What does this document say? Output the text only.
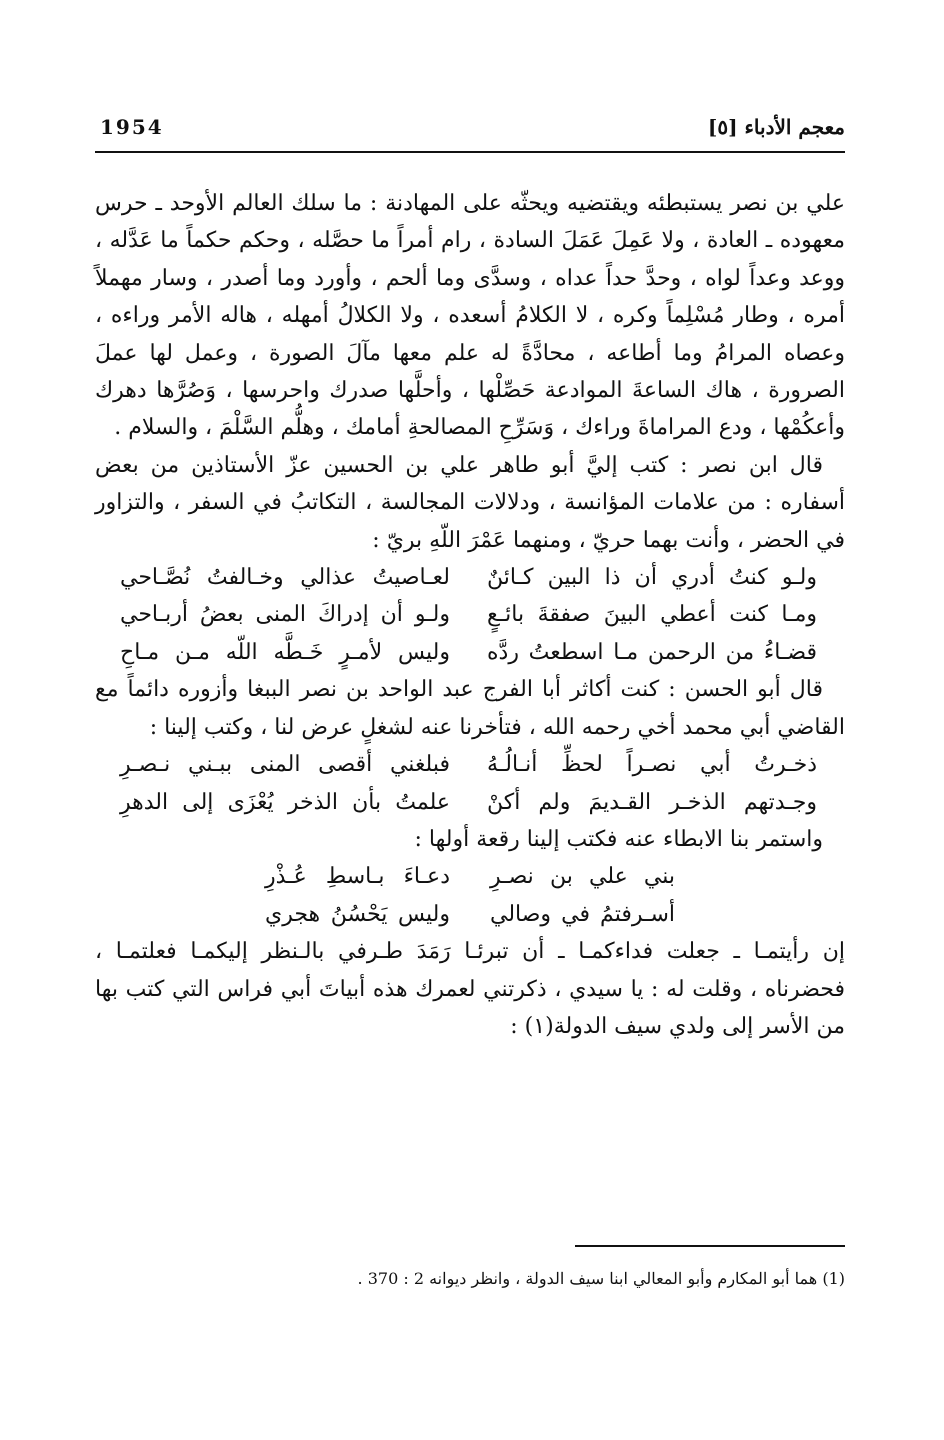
معجم الأدباء [٥]
1954

علي بن نصر يستبطئه ويقتضيه ويحثّه على المهادنة : ما سلك العالم الأوحد ـ حرس معهوده ـ العادة ، ولا عَمِلَ عَمَلَ السادة ، رام أمراً ما حصَّله ، وحكم حكماً ما عَدَّله ، ووعد وعداً لواه ، وحدَّ حداً عداه ، وسدَّى وما ألحم ، وأورد وما أصدر ، وسار مهملاً أمره ، وطار مُسْلِماً وكره ، لا الكلامُ أسعده ، ولا الكلالُ أمهله ، هاله الأمر وراءه ، وعصاه المرامُ وما أطاعه ، محادَّةً له علم معها مآلَ الصورة ، وعمل لها عملَ الصرورة ، هاك الساعةَ الموادعة حَصِّلْها ، وأحلَّها صدرك واحرسها ، وَصُرَّها دهرك وأعكُمْها ، ودع المراماةَ وراءك ، وَسَرِّحِ المصالحةِ أمامك ، وهلُّم السَّلْمَ ، والسلام .

قال ابن نصر : كتب إليَّ أبو طاهر علي بن الحسين عزّ الأستاذين من بعض أسفاره : من علامات المؤانسة ، ودلالات المجالسة ، التكاتبُ في السفر ، والتزاور في الحضر ، وأنت بهما حريّ ، ومنهما عَمْرَ اللّهِ بريّ :

ولـو كنتُ أدري أن ذا البين كـائنٌ
لعـاصيتُ عذالي وخـالفتُ نُصَّـاحي
ومـا كنت أعطي البينَ صفقةَ بائـعٍ
ولـو أن إدراكَ المنى بعضُ أربـاحي
قضـاءُ من الرحمن مـا اسطعتُ ردَّه
وليس لأمـرٍ خَـطَّه اللّه مـن مـاحِ

قال أبو الحسن : كنت أكاثر أبا الفرج عبد الواحد بن نصر الببغا وأزوره دائماً مع القاضي أبي محمد أخي رحمه الله ، فتأخرنا عنه لشغلٍ عرض لنا ، وكتب إلينا :

ذخـرتُ أبي نصـراً لحظِّ أنـالُـهُ
فبلغني أقصى المنى ببـني نـصـرِ
وجـدتهم الذخـر القـديمَ ولم أكنْ
علمتُ بأن الذخر يُعْزَى إلى الدهرِ

واستمر بنا الابطاء عنه فكتب إلينا رقعة أولها :

بني علي بن نصـرِ
دعـاءَ بـاسطِ عُـذْرِ
أسـرفتمُ في وصالي
وليس يَحْسُنُ هجري

إن رأيتمـا ـ جعلت فداءكمـا ـ أن تبرئـا رَمَدَ طـرفي بالـنظر إليكمـا فعلتمـا ، فحضرناه ، وقلت له : يا سيدي ، ذكرتني لعمرك هذه أبياتَ أبي فراس التي كتب بها من الأسر إلى ولدي سيف الدولة(١) :

(1) هما أبو المكارم وأبو المعالي ابنا سيف الدولة ، وانظر ديوانه 2 : 370 .
